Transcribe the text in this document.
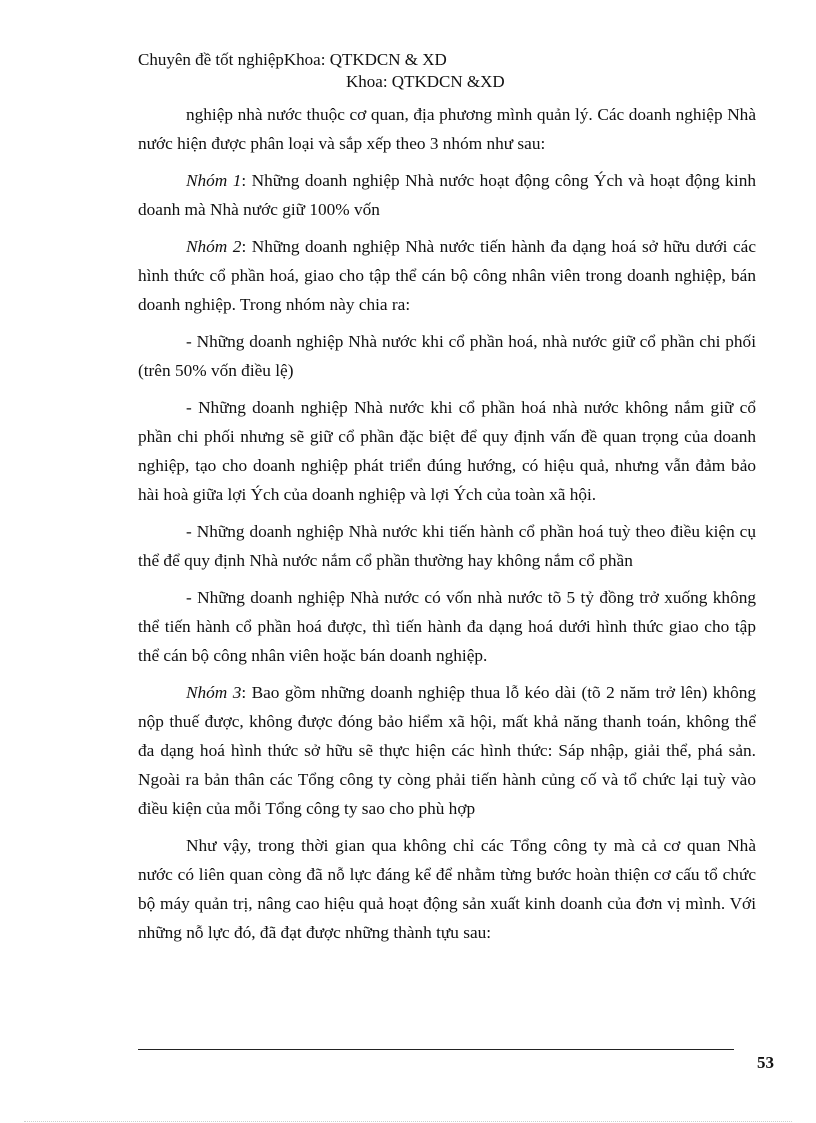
Chuyên đề tốt nghiệpKhoa: QTKDCN & XD
Khoa: QTKDCN &XD

nghiệp nhà nước thuộc cơ quan, địa phương mình quản lý. Các doanh nghiệp Nhà nước hiện được phân loại và sắp xếp theo 3 nhóm như sau:

Nhóm 1: Những doanh nghiệp Nhà nước hoạt động công Ých và hoạt động kinh doanh mà Nhà nước giữ 100% vốn

Nhóm 2: Những doanh nghiệp Nhà nước tiến hành đa dạng hoá sở hữu dưới các hình thức cổ phần hoá, giao cho tập thể cán bộ công nhân viên trong doanh nghiệp, bán doanh nghiệp. Trong nhóm này chia ra:

- Những doanh nghiệp Nhà nước khi cổ phần hoá, nhà nước giữ cổ phần chi phối (trên 50% vốn điều lệ)

- Những doanh nghiệp Nhà nước khi cổ phần hoá nhà nước không nắm giữ cổ phần chi phối nhưng sẽ giữ cổ phần đặc biệt để quy định vấn đề quan trọng của doanh nghiệp, tạo cho doanh nghiệp phát triển đúng hướng, có hiệu quả, nhưng vẫn đảm bảo hài hoà giữa lợi Ých của doanh nghiệp và lợi Ých của toàn xã hội.

- Những doanh nghiệp Nhà nước khi tiến hành cổ phần hoá tuỳ theo điều kiện cụ thể để quy định Nhà nước nắm cổ phần thường hay không nắm cổ phần

- Những doanh nghiệp Nhà nước có vốn nhà nước tõ 5 tỷ đồng trở xuống không thể tiến hành cổ phần hoá được, thì tiến hành đa dạng hoá dưới hình thức giao cho tập thể cán bộ công nhân viên hoặc bán doanh nghiệp.

Nhóm 3: Bao gồm những doanh nghiệp thua lỗ kéo dài (tõ 2 năm trở lên) không nộp thuế được, không được đóng bảo hiểm xã hội, mất khả năng thanh toán, không thể đa dạng hoá hình thức sở hữu sẽ thực hiện các hình thức: Sáp nhập, giải thể, phá sản. Ngoài ra bản thân các Tổng công ty còng phải tiến hành củng cố và tổ chức lại tuỳ vào điều kiện của mỗi Tổng công ty sao cho phù hợp

Như vậy, trong thời gian qua không chỉ các Tổng công ty mà cả cơ quan Nhà nước có liên quan còng đã nỗ lực đáng kể để nhằm từng bước hoàn thiện cơ cấu tổ chức bộ máy quản trị, nâng cao hiệu quả hoạt động sản xuất kinh doanh của đơn vị mình. Với những nỗ lực đó, đã đạt được những thành tựu sau:

53
